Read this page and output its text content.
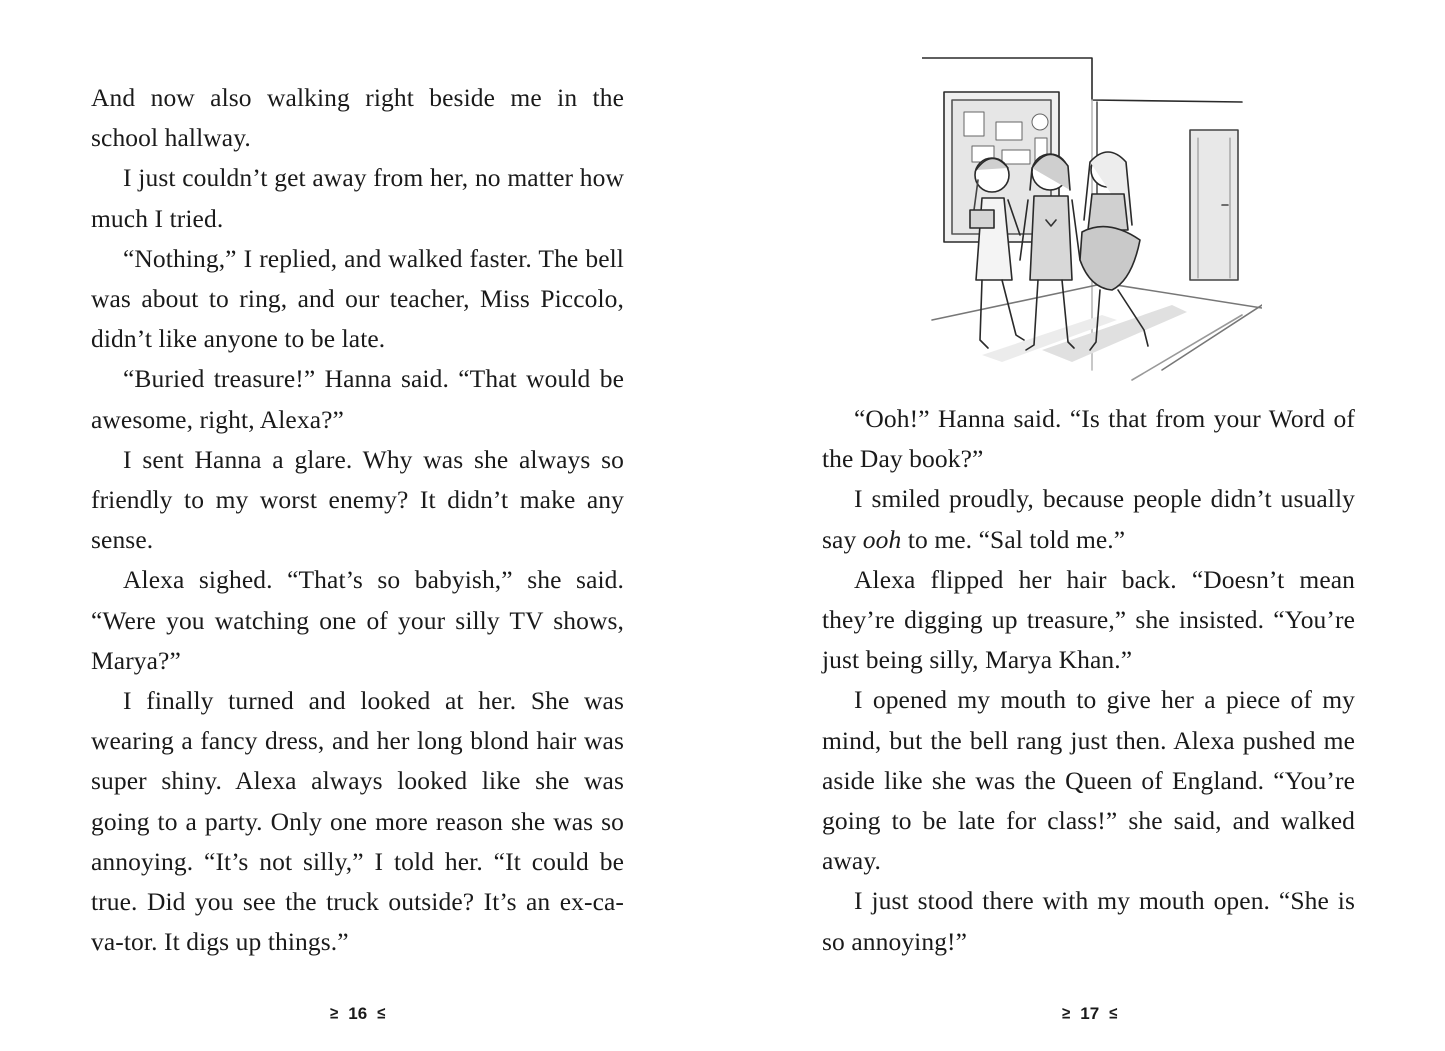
And now also walking right beside me in the school hallway.

I just couldn’t get away from her, no matter how much I tried.

“Nothing,” I replied, and walked faster. The bell was about to ring, and our teacher, Miss Piccolo, didn’t like anyone to be late.

“Buried treasure!” Hanna said. “That would be awesome, right, Alexa?”

I sent Hanna a glare. Why was she always so friendly to my worst enemy? It didn’t make any sense.

Alexa sighed. “That’s so babyish,” she said. “Were you watching one of your silly TV shows, Marya?”

I finally turned and looked at her. She was wearing a fancy dress, and her long blond hair was super shiny. Alexa always looked like she was going to a party. Only one more reason she was so annoying. “It’s not silly,” I told her. “It could be true. Did you see the truck outside? It’s an ex-ca-va-tor. It digs up things.”

≥ 16 ≤

“Ooh!” Hanna said. “Is that from your Word of the Day book?”

I smiled proudly, because people didn’t usually say ooh to me. “Sal told me.”

Alexa flipped her hair back. “Doesn’t mean they’re digging up treasure,” she insisted. “You’re just being silly, Marya Khan.”

I opened my mouth to give her a piece of my mind, but the bell rang just then. Alexa pushed me aside like she was the Queen of England. “You’re going to be late for class!” she said, and walked away.

I just stood there with my mouth open. “She is so annoying!”

≥ 17 ≤
